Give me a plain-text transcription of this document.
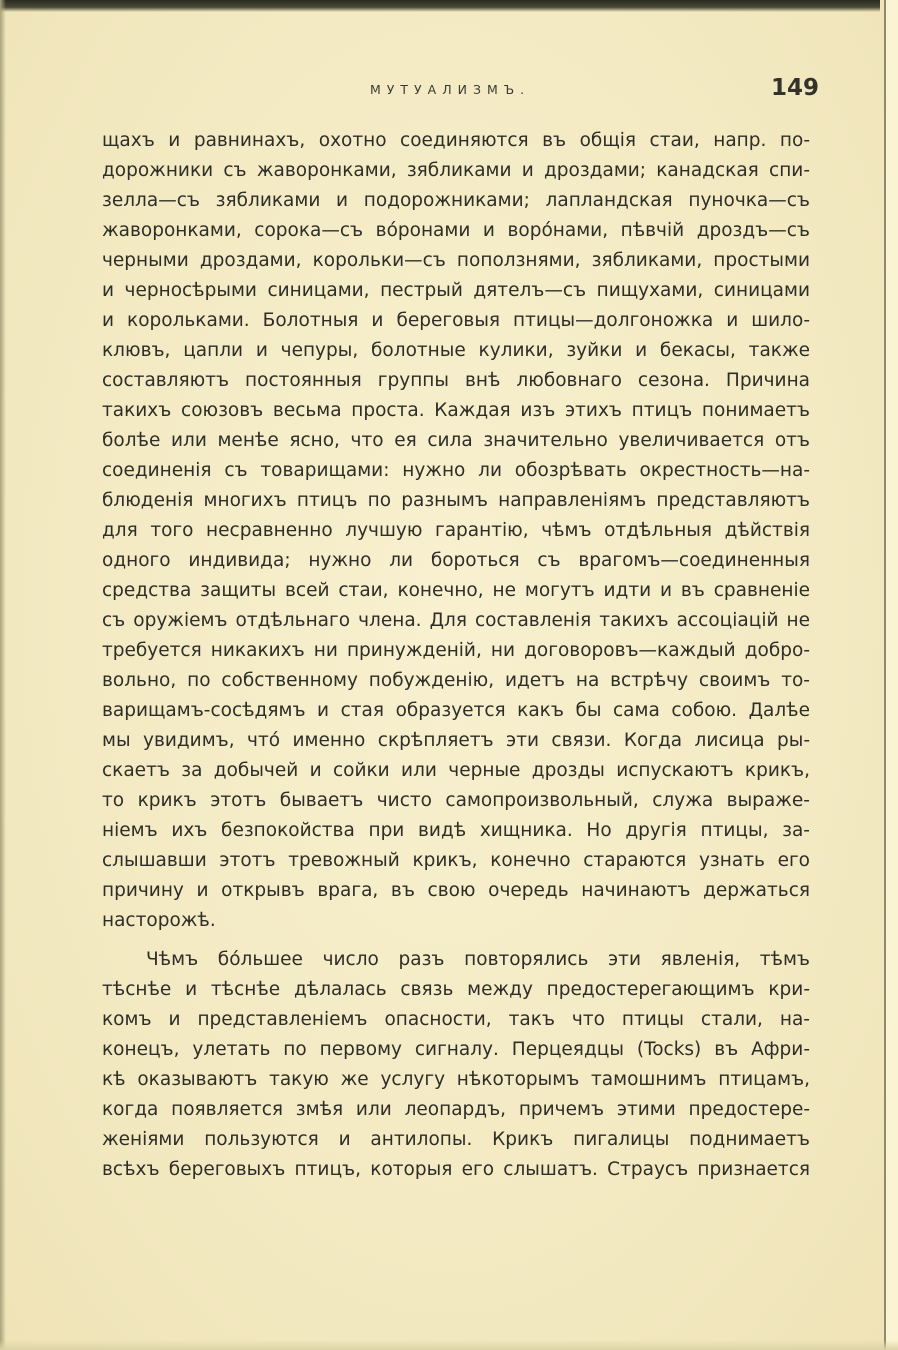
МУТУАЛИЗМЪ.	149
щахъ и равнинахъ, охотно соединяются въ общія стаи, напр. по-
дорожники съ жаворонками, зябликами и дроздами; канадская спи-
зелла—съ зябликами и подорожниками; лапландская пуночка—съ
жаворонками, сорока—съ вóронами и ворóнами, пѣвчій дроздъ—съ
черными дроздами, корольки—съ поползнями, зябликами, простыми
и черносѣрыми синицами, пестрый дятелъ—съ пищухами, синицами
и корольками. Болотныя и береговыя птицы—долгоножка и шило-
клювъ, цапли и чепуры, болотные кулики, зуйки и бекасы, также
составляютъ постоянныя группы внѣ любовнаго сезона. Причина
такихъ союзовъ весьма проста. Каждая изъ этихъ птицъ понимаетъ
болѣе или менѣе ясно, что ея сила значительно увеличивается отъ
соединенія съ товарищами: нужно ли обозрѣвать окрестность—на-
блюденія многихъ птицъ по разнымъ направленіямъ представляютъ
для того несравненно лучшую гарантію, чѣмъ отдѣльныя дѣйствія
одного индивида; нужно ли бороться съ врагомъ—соединенныя
средства защиты всей стаи, конечно, не могутъ идти и въ сравненіе
съ оружіемъ отдѣльнаго члена. Для составленія такихъ ассоціацій не
требуется никакихъ ни принужденій, ни договоровъ—каждый добро-
вольно, по собственному побужденію, идетъ на встрѣчу своимъ то-
варищамъ-сосѣдямъ и стая образуется какъ бы сама собою. Далѣе
мы увидимъ, что́ именно скрѣпляетъ эти связи. Когда лисица ры-
скаетъ за добычей и сойки или черные дрозды испускаютъ крикъ,
то крикъ этотъ бываетъ чисто самопроизвольный, служа выраже-
ніемъ ихъ безпокойства при видѣ хищника. Но другія птицы, за-
слышавши этотъ тревожный крикъ, конечно стараются узнать его
причину и открывъ врага, въ свою очередь начинаютъ держаться
насторожѣ.
Чѣмъ бóльшее число разъ повторялись эти явленія, тѣмъ
тѣснѣе и тѣснѣе дѣлалась связь между предостерегающимъ кри-
комъ и представленіемъ опасности, такъ что птицы стали, на-
конецъ, улетать по первому сигналу. Перцеядцы (Tocks) въ Афри-
кѣ оказываютъ такую же услугу нѣкоторымъ тамошнимъ птицамъ,
когда появляется змѣя или леопардъ, причемъ этими предостере-
женіями пользуются и антилопы. Крикъ пигалицы поднимаетъ
всѣхъ береговыхъ птицъ, которыя его слышатъ. Страусъ признается
